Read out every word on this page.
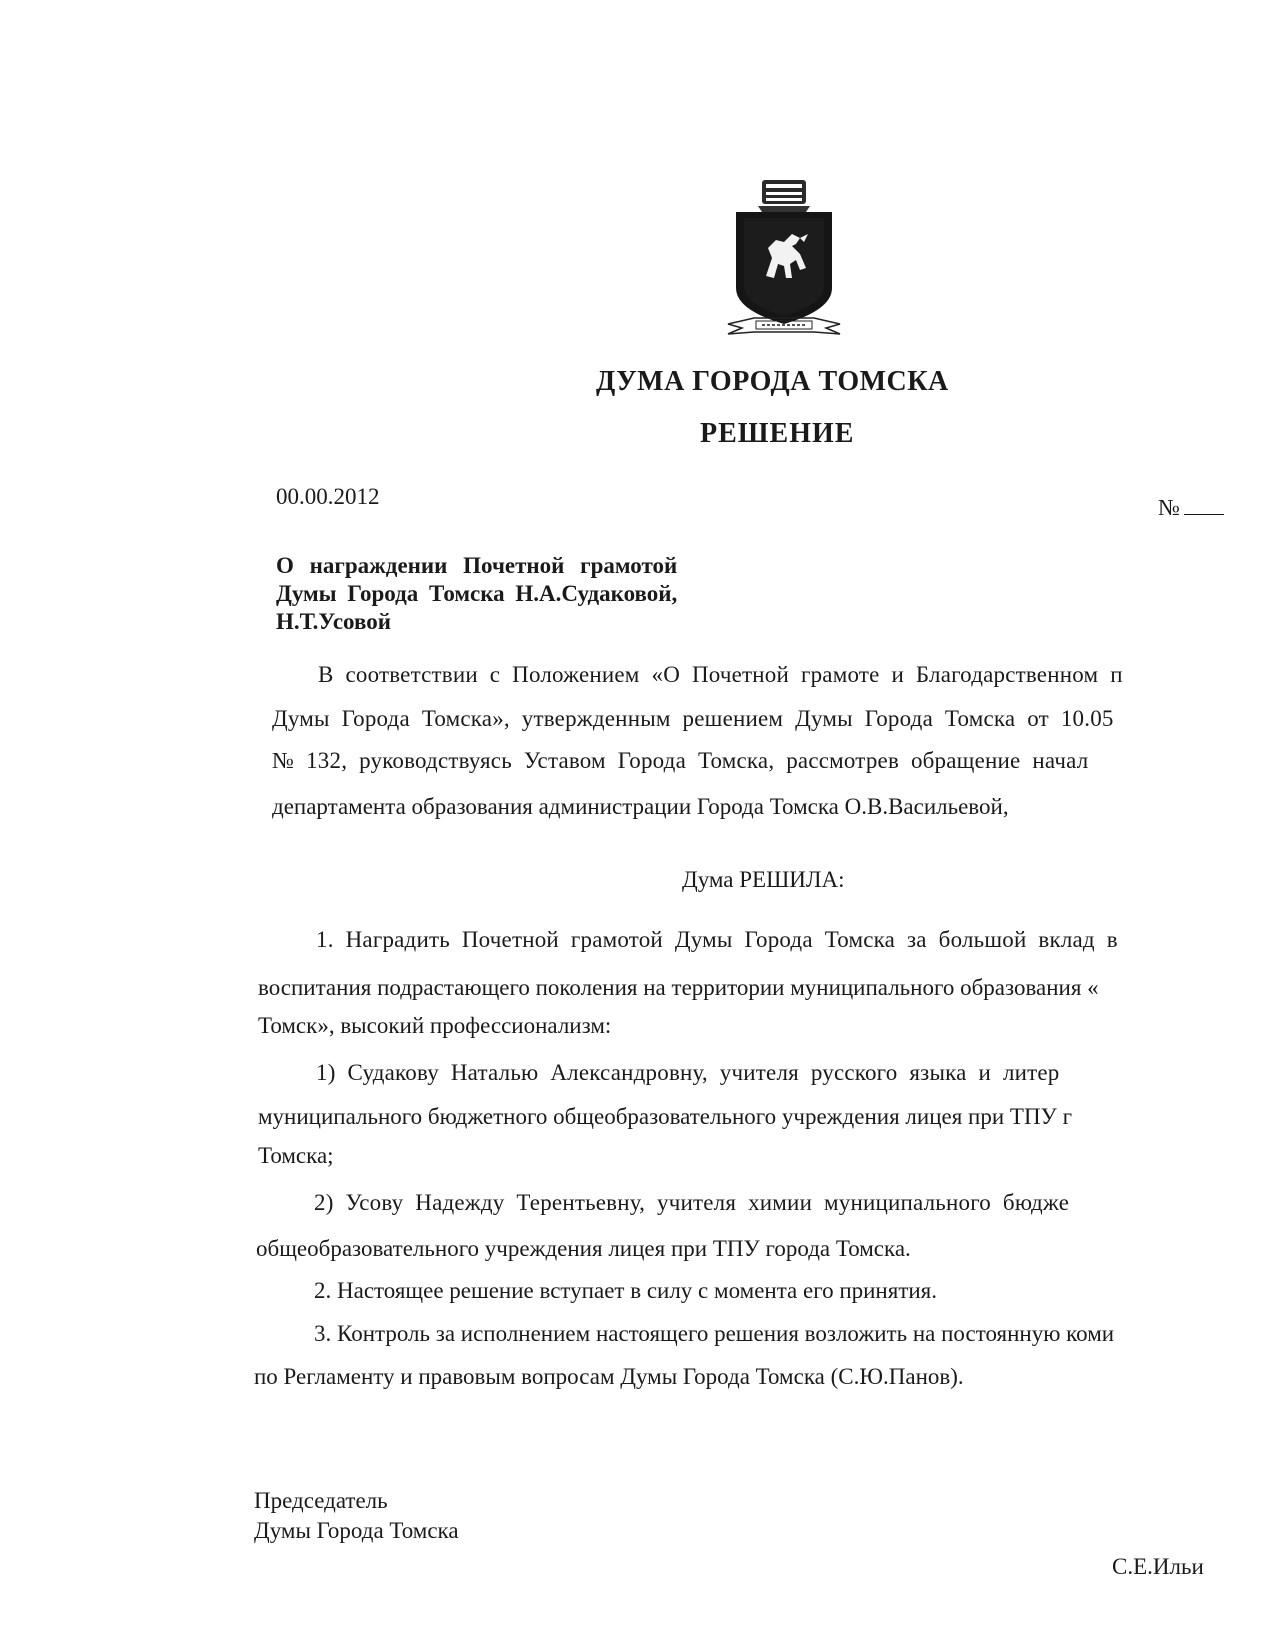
ДУМА ГОРОДА ТОМСКА
РЕШЕНИЕ
00.00.2012	№
О награждении Почетной грамотой
Думы Города Томска Н.А.Судаковой,
Н.Т.Усовой
В соответствии с Положением «О Почетной грамоте и Благодарственном п
Думы Города Томска», утвержденным решением Думы Города Томска от 10.05
№ 132, руководствуясь Уставом Города Томска, рассмотрев обращение начал
департамента образования администрации Города Томска О.В.Васильевой,
Дума РЕШИЛА:
1. Наградить Почетной грамотой Думы Города Томска за большой вклад в
воспитания подрастающего поколения на территории муниципального образования «
Томск», высокий профессионализм:
1) Судакову Наталью Александровну, учителя русского языка и литер
муниципального бюджетного общеобразовательного учреждения лицея при ТПУ г
Томска;
2) Усову Надежду Терентьевну, учителя химии муниципального бюдже
общеобразовательного учреждения лицея при ТПУ города Томска.
2. Настоящее решение вступает в силу с момента его принятия.
3. Контроль за исполнением настоящего решения возложить на постоянную коми
по Регламенту и правовым вопросам Думы Города Томска (С.Ю.Панов).
Председатель
Думы Города Томска
С.Е.Ильи
